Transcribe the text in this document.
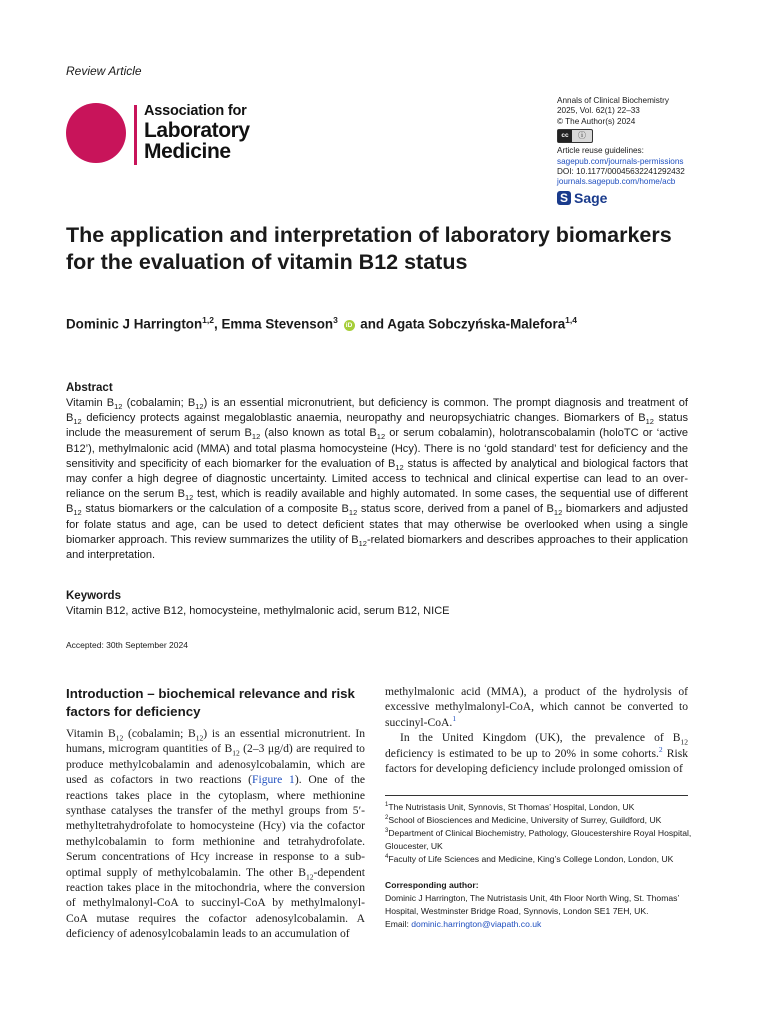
Review Article
Association for
Laboratory
Medicine
Annals of Clinical Biochemistry
2025, Vol. 62(1) 22–33
© The Author(s) 2024
cc	ⓘ
Article reuse guidelines:
sagepub.com/journals-permissions
DOI: 10.1177/00045632241292432
journals.sagepub.com/home/acb
S Sage
The application and interpretation of laboratory biomarkers for the evaluation of vitamin B12 status
Dominic J Harrington$^{1,2}$, Emma Stevenson$^3$ iD and Agata Sobczyńska-Malefora$^{1,4}$
Abstract

Vitamin $B_{12}$ (cobalamin; $B_{12}$) is an essential micronutrient, but deficiency is common. The prompt diagnosis and treatment of $B_{12}$ deficiency protects against megaloblastic anaemia, neuropathy and neuropsychiatric changes. Biomarkers of $B_{12}$ status include the measurement of serum $B_{12}$ (also known as total $B_{12}$ or serum cobalamin), holotranscobalamin (holoTC or ‘active B12’), methylmalonic acid (MMA) and total plasma homocysteine (Hcy). There is no ‘gold standard’ test for deficiency and the sensitivity and specificity of each biomarker for the evaluation of $B_{12}$ status is affected by analytical and biological factors that may confer a high degree of diagnostic uncertainty. Limited access to technical and clinical expertise can lead to an over-reliance on the serum $B_{12}$ test, which is readily available and highly automated. In some cases, the sequential use of different $B_{12}$ status biomarkers or the calculation of a composite $B_{12}$ status score, derived from a panel of $B_{12}$ biomarkers and adjusted for folate status and age, can be used to detect deficient states that may otherwise be overlooked when using a single biomarker approach. This review summarizes the utility of $B_{12}$-related biomarkers and describes approaches to their application and interpretation.

Keywords

Vitamin B12, active B12, homocysteine, methylmalonic acid, serum B12, NICE

Accepted: 30th September 2024
Introduction – biochemical relevance and risk factors for deficiency

Vitamin $B_{12}$ (cobalamin; $B_{12}$) is an essential micronutrient. In humans, microgram quantities of $B_{12}$ (2–3 μg/d) are required to produce methylcobalamin and adenosylcobalamin, which are used as cofactors in two reactions (Figure 1). One of the reactions takes place in the cytoplasm, where methionine synthase catalyses the transfer of the methyl groups from 5′-methyltetrahydrofolate to homocysteine (Hcy) via the cofactor methylcobalamin to form methionine and tetrahydrofolate. Serum concentrations of Hcy increase in response to a sub-optimal supply of methylcobalamin. The other $B_{12}$-dependent reaction takes place in the mitochondria, where the conversion of methylmalonyl-CoA to succinyl-CoA by methylmalonyl-CoA mutase requires the cofactor adenosylcobalamin. A deficiency of adenosylcobalamin leads to an accumulation of

methylmalonic acid (MMA), a product of the hydrolysis of excessive methylmalonyl-CoA, which cannot be converted to succinyl-CoA.$^1$

In the United Kingdom (UK), the prevalence of $B_{12}$ deficiency is estimated to be up to 20% in some cohorts.$^2$ Risk factors for developing deficiency include prolonged omission of

$^1$The Nutristasis Unit, Synnovis, St Thomas’ Hospital, London, UK
$^2$School of Biosciences and Medicine, University of Surrey, Guildford, UK
$^3$Department of Clinical Biochemistry, Pathology, Gloucestershire Royal Hospital, Gloucester, UK
$^4$Faculty of Life Sciences and Medicine, King’s College London, London, UK
Corresponding author:
Dominic J Harrington, The Nutristasis Unit, 4th Floor North Wing, St. Thomas’ Hospital, Westminster Bridge Road, Synnovis, London SE1 7EH, UK.
Email: dominic.harrington@viapath.co.uk
